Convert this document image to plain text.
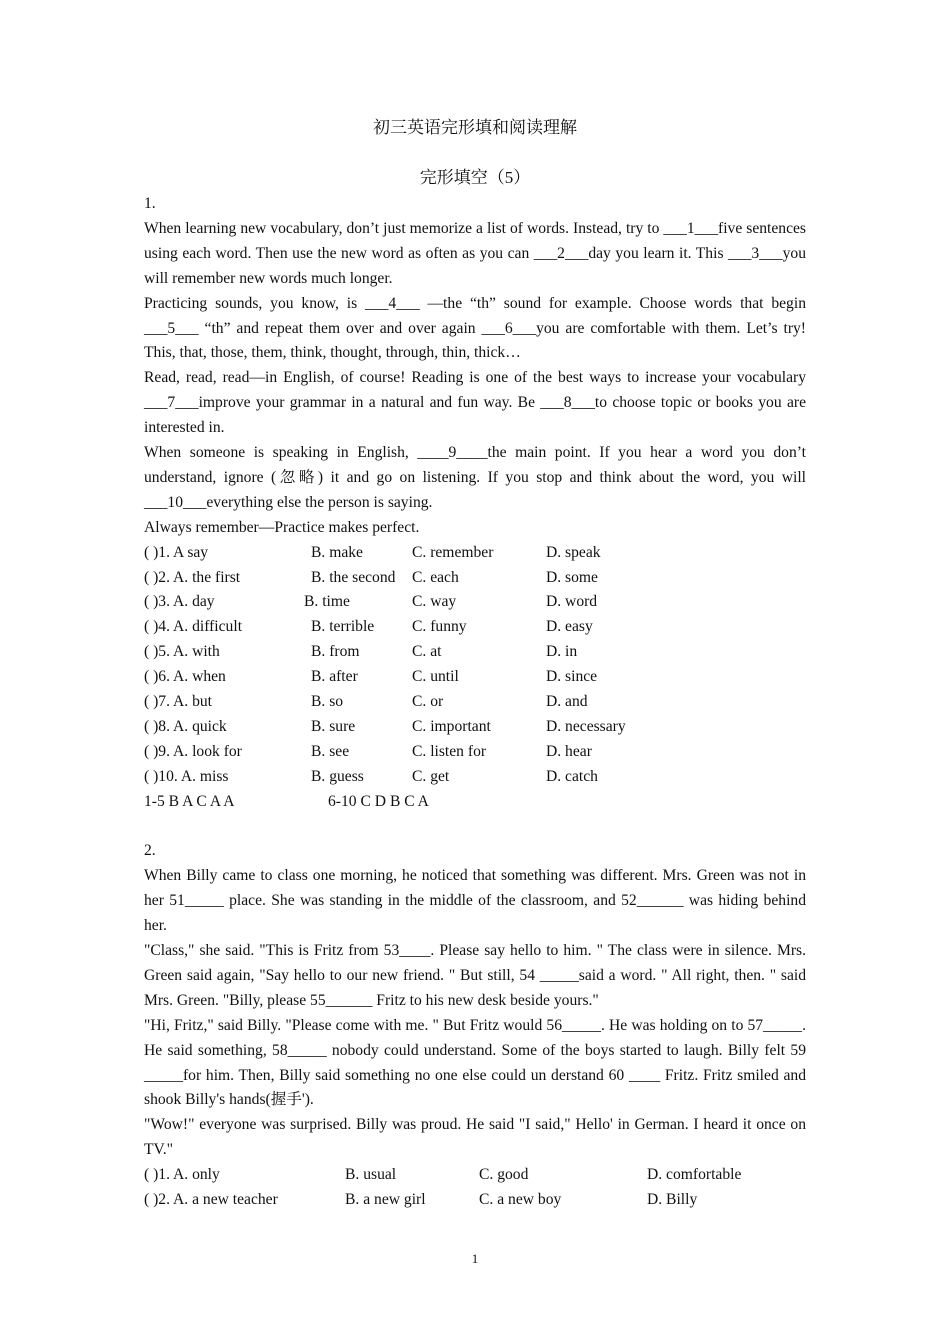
初三英语完形填和阅读理解
完形填空（5）
1.
When learning new vocabulary, don’t just memorize a list of words. Instead, try to ___1___five sentences using each word. Then use the new word as often as you can ___2___day you learn it. This ___3___you will remember new words much longer.
Practicing sounds, you know, is ___4___ —the “th” sound for example. Choose words that begin ___5___ “th” and repeat them over and over again ___6___you are comfortable with them. Let’s try! This, that, those, them, think, thought, through, thin, thick…
Read, read, read—in English, of course! Reading is one of the best ways to increase your vocabulary ___7___improve your grammar in a natural and fun way. Be ___8___to choose topic or books you are interested in.
When someone is speaking in English, ____9____the main point. If you hear a word you don’t understand, ignore (忽略) it and go on listening. If you stop and think about the word, you will ___10___everything else the person is saying.
Always remember—Practice makes perfect.
( )1. A say	B. make	C. remember	D. speak
( )2. A. the first	B. the second C. each	D. some
( )3. A. day	B. time	C. way	D. word
( )4. A. difficult	B. terrible C. funny	D. easy
( )5. A. with	B. from	C. at	D. in
( )6. A. when	B. after	C. until	D. since
( )7. A. but	B. so	C. or	D. and
( )8. A. quick	B. sure	C. important	D. necessary
( )9. A. look for	B. see	C. listen for	D. hear
( )10. A. miss	B. guess	C. get	D. catch
1-5 B A C A A	6-10 C D B C A
2.
When Billy came to class one morning, he noticed that something was different. Mrs. Green was not in her 51_____ place. She was standing in the middle of the classroom, and 52______ was hiding behind her.
"Class," she said. "This is Fritz from 53____. Please say hello to him. " The class were in silence. Mrs. Green said again, "Say hello to our new friend. " But still, 54 _____said a word. " All right, then. " said Mrs. Green. "Billy, please 55______ Fritz to his new desk beside yours."
"Hi, Fritz," said Billy. "Please come with me. " But Fritz would 56_____. He was holding on to 57_____. He said something, 58_____ nobody could understand. Some of the boys started to laugh. Billy felt 59 _____for him. Then, Billy said something no one else could un derstand 60 ____ Fritz. Fritz smiled and shook Billy's hands(握手').
"Wow!" everyone was surprised. Billy was proud. He said "I said," Hello' in German. I heard it once on TV."
( )1. A. only	B. usual	C. good	D. comfortable
( )2. A. a new teacher	B. a new girl	C. a new boy	D. Billy
1
